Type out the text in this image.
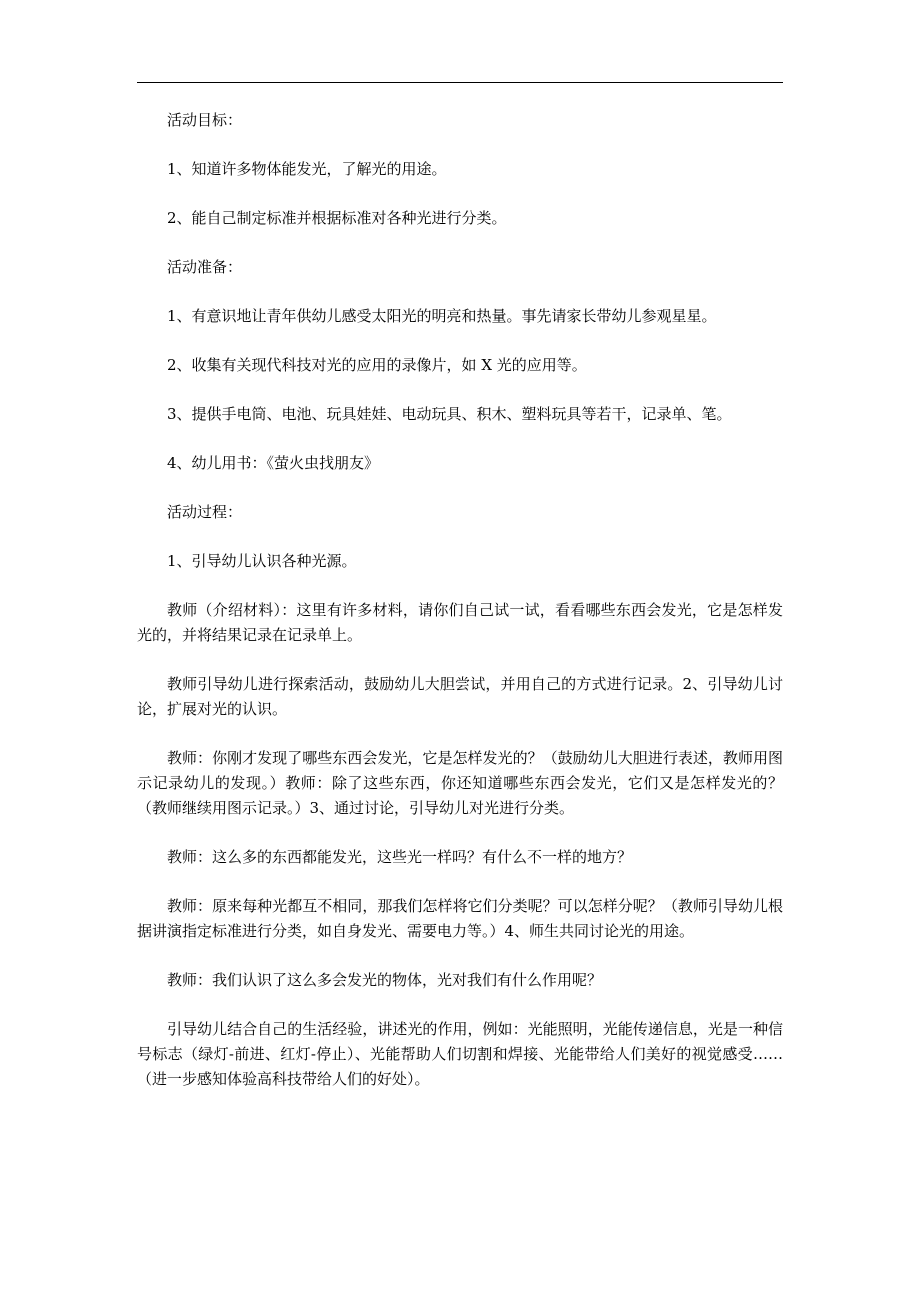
活动目标：

1、知道许多物体能发光，了解光的用途。

2、能自己制定标准并根据标准对各种光进行分类。

活动准备：

1、有意识地让青年供幼儿感受太阳光的明亮和热量。事先请家长带幼儿参观星星。

2、收集有关现代科技对光的应用的录像片，如 X 光的应用等。

3、提供手电筒、电池、玩具娃娃、电动玩具、积木、塑料玩具等若干，记录单、笔。

4、幼儿用书：《萤火虫找朋友》

活动过程：

1、引导幼儿认识各种光源。

教师（介绍材料）：这里有许多材料，请你们自己试一试，看看哪些东西会发光，它是怎样发光的，并将结果记录在记录单上。

教师引导幼儿进行探索活动，鼓励幼儿大胆尝试，并用自己的方式进行记录。2、引导幼儿讨论，扩展对光的认识。

教师：你刚才发现了哪些东西会发光，它是怎样发光的？（鼓励幼儿大胆进行表述，教师用图示记录幼儿的发现。）教师：除了这些东西，你还知道哪些东西会发光，它们又是怎样发光的？（教师继续用图示记录。）3、通过讨论，引导幼儿对光进行分类。

教师：这么多的东西都能发光，这些光一样吗？有什么不一样的地方？

教师：原来每种光都互不相同，那我们怎样将它们分类呢？可以怎样分呢？（教师引导幼儿根据讲演指定标准进行分类，如自身发光、需要电力等。）4、师生共同讨论光的用途。

教师：我们认识了这么多会发光的物体，光对我们有什么作用呢？

引导幼儿结合自己的生活经验，讲述光的作用，例如：光能照明，光能传递信息，光是一种信号标志（绿灯-前进、红灯-停止）、光能帮助人们切割和焊接、光能带给人们美好的视觉感受……（进一步感知体验高科技带给人们的好处）。
